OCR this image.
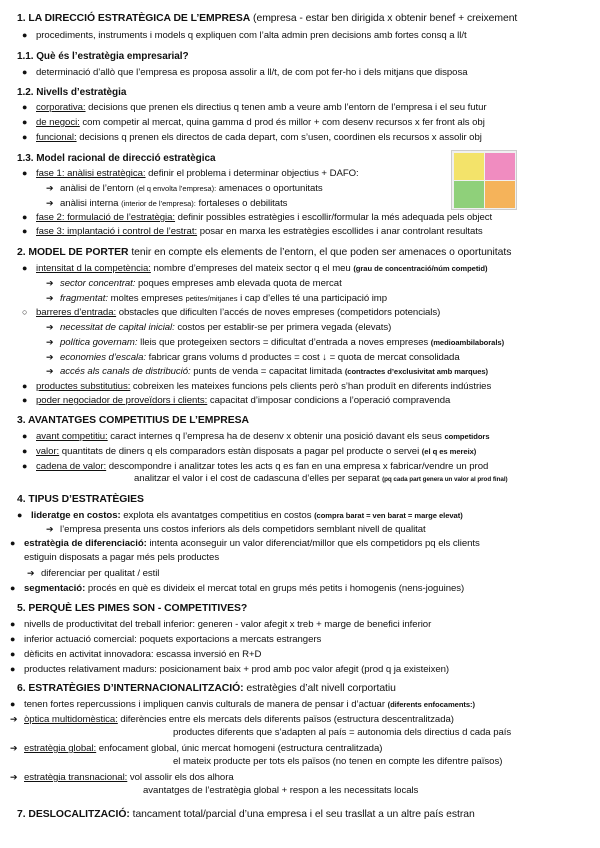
1. LA DIRECCIÓ ESTRATÈGICA DE L’EMPRESA (empresa - estar ben dirigida x obtenir benef + creixement
● procediments, instruments i models q expliquen com l’alta admin pren decisions amb fortes consq a ll/t
1.1. Què és l’estratègia empresarial?
● determinació d’allò que l’empresa es proposa assolir a ll/t, de com pot fer-ho i dels mitjans que disposa
1.2. Nivells d’estratègia
● corporativa: decisions que prenen els directius q tenen amb a veure amb l’entorn de l’empresa i el seu futur
● de negoci: com competir al mercat, quina gamma d prod és millor + com desenv recursos x fer front als obj
● funcional: decisions q prenen els directos de cada depart, com s’usen, coordinen els recursos x assolir obj
1.3. Model racional de direcció estratègica
● fase 1: anàlisi estratègica: definir el problema i determinar objectius + DAFO:
➔ anàlisi de l’entorn (el q envolta l’empresa): amenaces o oportunitats
➔ anàlisi interna (interior de l’empresa): fortaleses o debilitats
● fase 2: formulació de l’estratègia: definir possibles estratègies i escollir/formular la més adequada pels object
● fase 3: implantació i control de l’estrat: posar en marxa les estratègies escollides i anar controlant resultats
2. MODEL DE PORTER tenir en compte els elements de l’entorn, el que poden ser amenaces o oportunitats
● intensitat d la competència: nombre d’empreses del mateix sector q el meu (grau de concentració/núm competid)
➔ sector concentrat: poques empreses amb elevada quota de mercat
➔ fragmentat: moltes empreses petites/mitjanes i cap d’elles té una participació imp
○ barreres d’entrada: obstacles que dificulten l’accés de noves empreses (competidors potencials)
➔ necessitat de capital inicial: costos per establir-se per primera vegada (elevats)
➔ política governam: lleis que protegeixen sectors = dificultat d’entrada a noves empreses (medioambilaborals)
➔ economies d’escala: fabricar grans volums d productes = cost ↓ = quota de mercat consolidada
➔ accés als canals de distribució: punts de venda = capacitat limitada (contractes d’exclusivitat amb marques)
● productes substitutius: cobreixen les mateixes funcions pels clients però s’han produït en diferents indústries
● poder negociador de proveïdors i clients: capacitat d’imposar condicions a l’operació compravenda
3. AVANTATGES COMPETITIUS DE L’EMPRESA
● avant competitiu: caract internes q l’empresa ha de desenv x obtenir una posició davant els seus competidors
● valor: quantitats de diners q els comparadors estàn disposats a pagar pel producte o servei (el q es mereix)
● cadena de valor: descompondre i analitzar totes les acts q es fan en una empresa x fabricar/vendre un prod
analitzar el valor i el cost de cadascuna d’elles per separat (pq cada part genera un valor al prod final)
4. TIPUS D’ESTRATÈGIES
● lideratge en costos: explota els avantatges competitius en costos (compra barat = ven barat = marge elevat)
➔ l’empresa presenta uns costos inferiors als dels competidors semblant nivell de qualitat
● estratègia de diferenciació: intenta aconseguir un valor diferenciat/millor que els competidors pq els clients
estiguin disposats a pagar més pels productes
➔ diferenciar per qualitat / estil
● segmentació: procés en què es divideix el mercat total en grups més petits i homogenis (nens-joguines)
5. PERQUÈ LES PIMES SON - COMPETITIVES?
● nivells de productivitat del treball inferior: generen - valor afegit x treb + marge de benefici inferior
● inferior actuació comercial: poquets exportacions a mercats estrangers
● dèficits en activitat innovadora: escassa inversió en R+D
● productes relativament madurs: posicionament baix + prod amb poc valor afegit (prod q ja existeixen)
6. ESTRATÈGIES D’INTERNACIONALITZACIÓ: estratègies d’alt nivell corportatiu
● tenen fortes repercussions i impliquen canvis culturals de manera de pensar i d’actuar (diferents enfocaments:)
➔ òptica multidomèstica: diferències entre els mercats dels diferents països (estructura descentralitzada)
productes diferents que s’adapten al país = autonomia dels directius d cada país
➔ estratègia global: enfocament global, únic mercat homogeni (estructura centralitzada)
el mateix producte per tots els països (no tenen en compte les difentre països)
➔ estratègia transnacional: vol assolir els dos alhora
avantatges de l’estratègia global + respon a les necessitats locals
7. DESLOCALITZACIÓ: tancament total/parcial d’una empresa i el seu trasllat a un altre país estran
